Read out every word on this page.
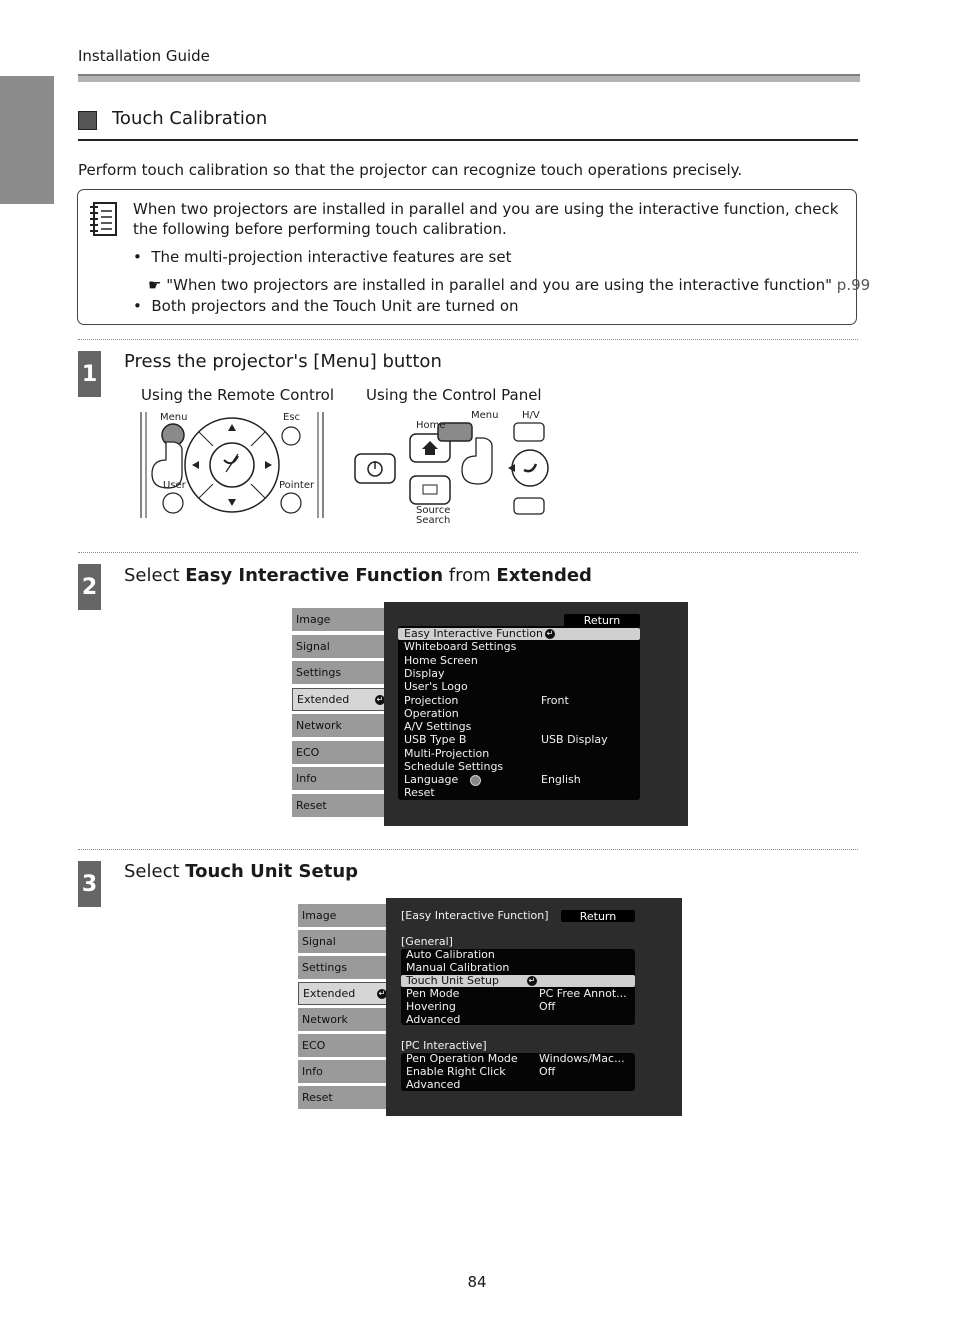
Installation Guide
Touch Calibration
Perform touch calibration so that the projector can recognize touch operations precisely.
When two projectors are installed in parallel and you are using the interactive function, check the following before performing touch calibration.
•  The multi-projection interactive features are set
☛ "When two projectors are installed in parallel and you are using the interactive function" p.99
•  Both projectors and the Touch Unit are turned on
1 Press the projector's [Menu] button
Using the Remote Control Using the Control Panel
Menu	Esc
User	Pointer
Home
Menu H/V
Source
Search
2 Select Easy Interactive Function from Extended
Image
Signal
Settings
Extended	↵
Network
ECO
Info
Reset
Return
Easy Interactive Function ↵
Whiteboard Settings
Home Screen
Display
User's Logo
Projection	Front
Operation
A/V Settings
USB Type B	USB Display
Multi-Projection
Schedule Settings
Language	English
Reset
3 Select Touch Unit Setup
Image
Signal
Settings
Extended	↵
Network
ECO
Info
Reset
[Easy Interactive Function]	Return
[General]
Auto Calibration
Manual Calibration
Touch Unit Setup	↵
Pen Mode	PC Free Annot...
Hovering	Off
Advanced
[PC Interactive]
Pen Operation Mode Windows/Mac...
Enable Right Click	Off
Advanced
84
